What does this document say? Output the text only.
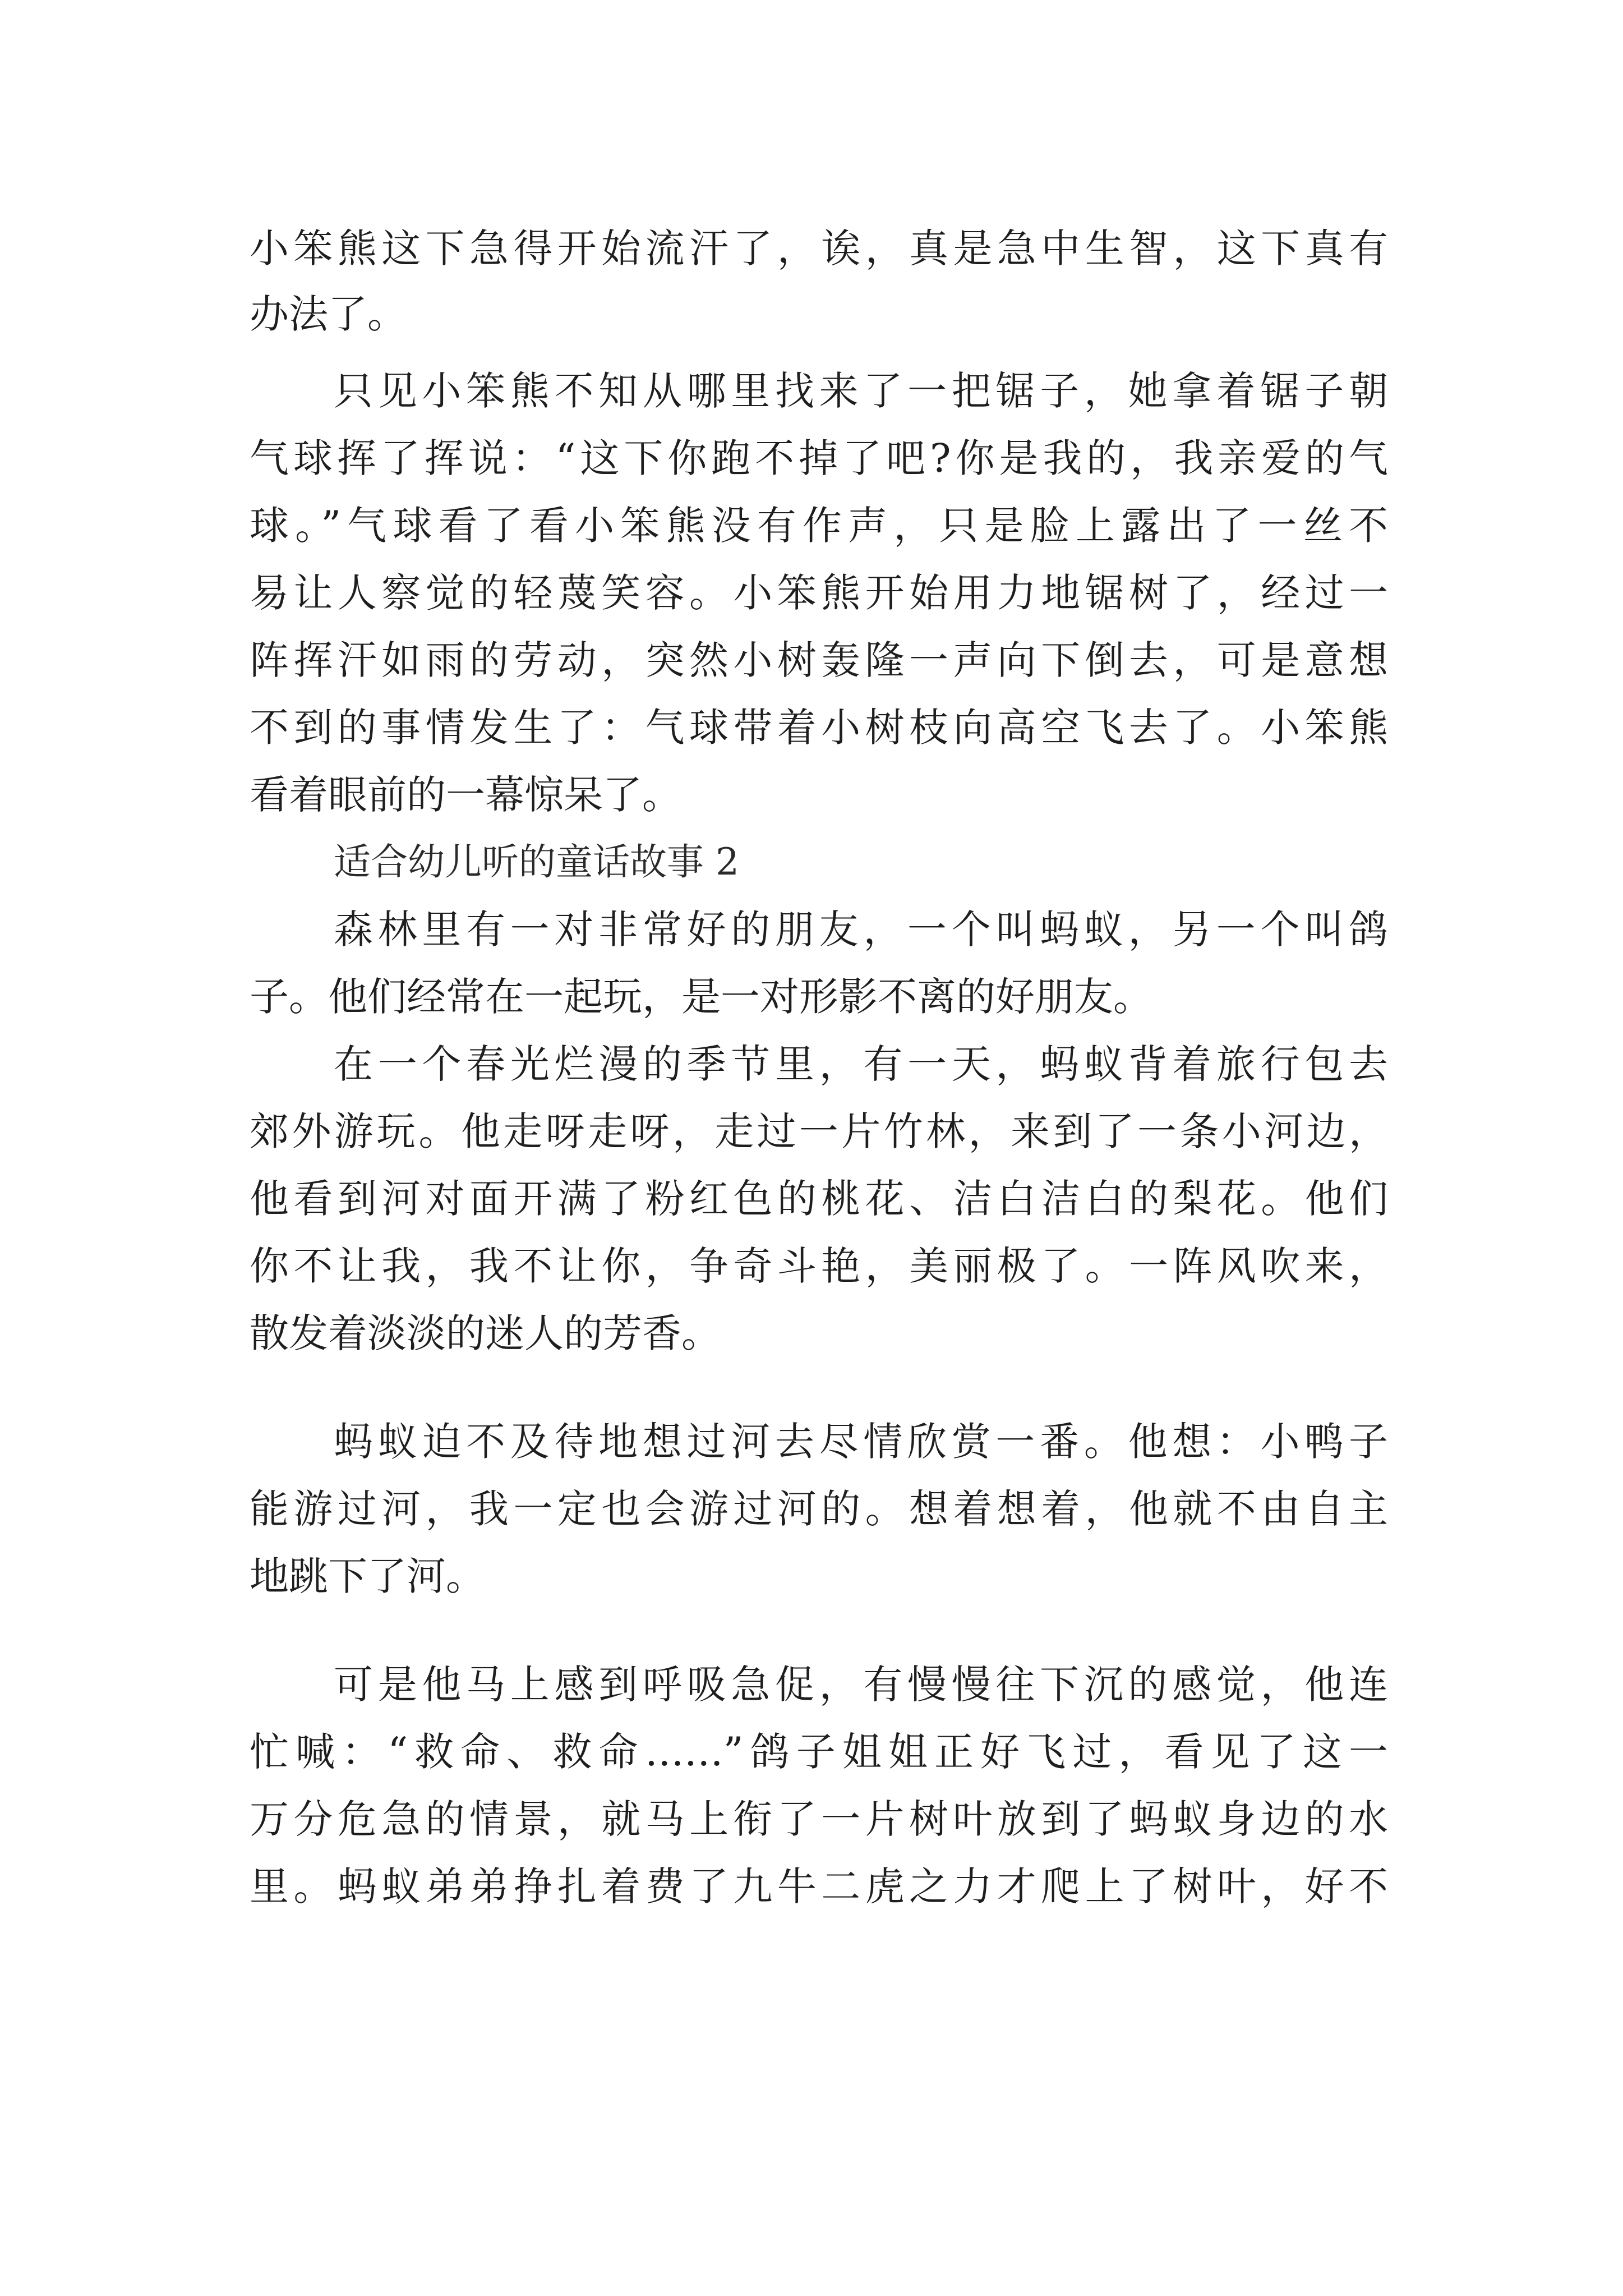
小笨熊这下急得开始流汗了，诶，真是急中生智，这下真有
办法了。
只见小笨熊不知从哪里找来了一把锯子，她拿着锯子朝
气球挥了挥说：“这下你跑不掉了吧?你是我的，我亲爱的气
球。”气球看了看小笨熊没有作声，只是脸上露出了一丝不
易让人察觉的轻蔑笑容。小笨熊开始用力地锯树了，经过一
阵挥汗如雨的劳动，突然小树轰隆一声向下倒去，可是意想
不到的事情发生了：气球带着小树枝向高空飞去了。小笨熊
看着眼前的一幕惊呆了。
适合幼儿听的童话故事 2
森林里有一对非常好的朋友，一个叫蚂蚁，另一个叫鸽
子。他们经常在一起玩，是一对形影不离的好朋友。
在一个春光烂漫的季节里，有一天，蚂蚁背着旅行包去
郊外游玩。他走呀走呀，走过一片竹林，来到了一条小河边，
他看到河对面开满了粉红色的桃花、洁白洁白的梨花。他们
你不让我，我不让你，争奇斗艳，美丽极了。一阵风吹来，
散发着淡淡的迷人的芳香。
蚂蚁迫不及待地想过河去尽情欣赏一番。他想：小鸭子
能游过河，我一定也会游过河的。想着想着，他就不由自主
地跳下了河。
可是他马上感到呼吸急促，有慢慢往下沉的感觉，他连
忙喊：“救命、救命……”鸽子姐姐正好飞过，看见了这一
万分危急的情景，就马上衔了一片树叶放到了蚂蚁身边的水
里。蚂蚁弟弟挣扎着费了九牛二虎之力才爬上了树叶，好不
